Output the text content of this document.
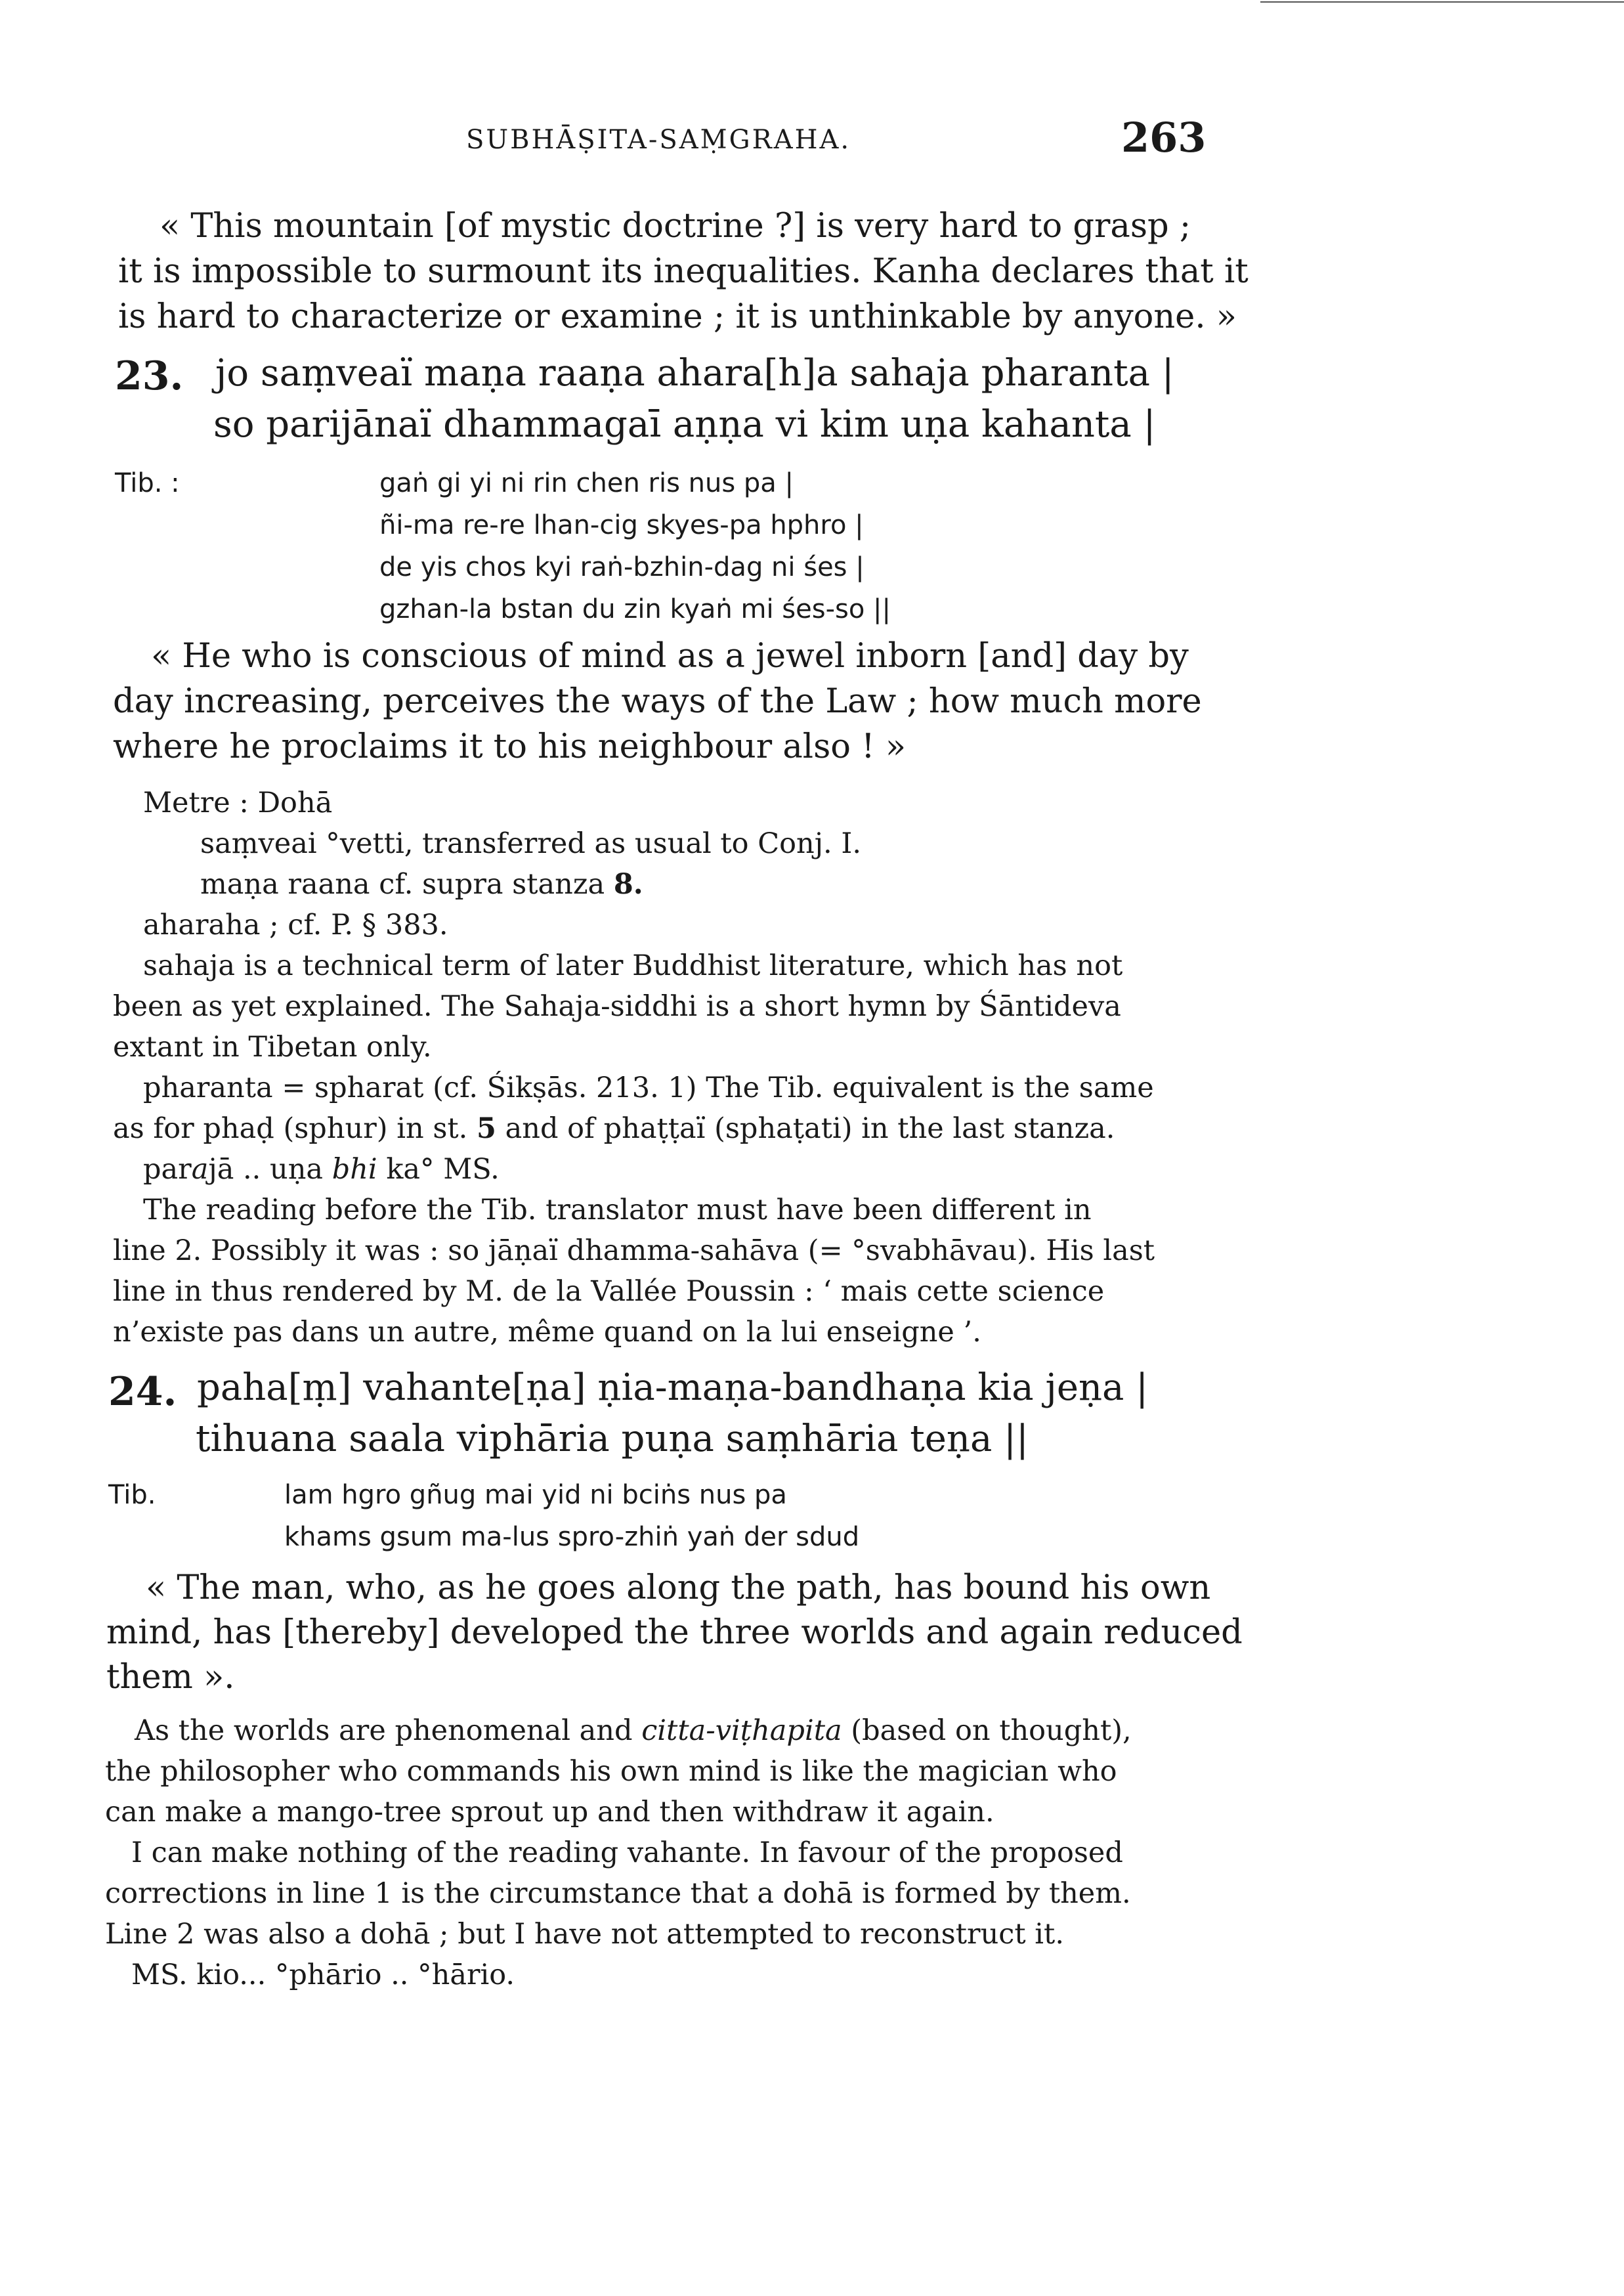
SUBHĀṢITA-SAṂGRAHA.	263
« This mountain [of mystic doctrine ?] is very hard to grasp ;
it is impossible to surmount its inequalities. Kanha declares that it
is hard to characterize or examine ; it is unthinkable by anyone. »
23. jo saṃveaï maṇa raaṇa ahara[h]a sahaja pharanta |
so parijānaï dhammagaī aṇṇa vi kim uṇa kahanta |
Tib. :	gaṅ gi yi ni rin chen ris nus pa |
ñi-ma re-re lhan-cig skyes-pa hphro |
de yis chos kyi raṅ-bzhin-dag ni śes |
gzhan-la bstan du zin kyaṅ mi śes-so ||
« He who is conscious of mind as a jewel inborn [and] day by
day increasing, perceives the ways of the Law ; how much more
where he proclaims it to his neighbour also ! »
Metre : Dohā
saṃveai °vetti, transferred as usual to Conj. I.
maṇa raana cf. supra stanza 8.
aharaha ; cf. P. § 383.
sahaja is a technical term of later Buddhist literature, which has not
been as yet explained. The Sahaja-siddhi is a short hymn by Śāntideva
extant in Tibetan only.
pharanta = spharat (cf. Śikṣās. 213. 1) The Tib. equivalent is the same
as for phaḍ (sphur) in st. 5 and of phaṭṭaï (sphaṭati) in the last stanza.
parajā .. uṇa bhi ka° MS.
The reading before the Tib. translator must have been different in
line 2. Possibly it was : so jāṇaï dhamma-sahāva (= °svabhāvau). His last
line in thus rendered by M. de la Vallée Poussin : ‘ mais cette science
n’existe pas dans un autre, même quand on la lui enseigne ’.
24. paha[ṃ] vahante[ṇa] ṇia-maṇa-bandhaṇa kia jeṇa |
tihuana saala viphāria puṇa saṃhāria teṇa ||
Tib.	lam hgro gñug mai yid ni bciṅs nus pa
khams gsum ma-lus spro-zhiṅ yaṅ der sdud
« The man, who, as he goes along the path, has bound his own
mind, has [thereby] developed the three worlds and again reduced
them ».
As the worlds are phenomenal and citta-viṭhapita (based on thought),
the philosopher who commands his own mind is like the magician who
can make a mango-tree sprout up and then withdraw it again.
I can make nothing of the reading vahante. In favour of the proposed
corrections in line 1 is the circumstance that a dohā is formed by them.
Line 2 was also a dohā ; but I have not attempted to reconstruct it.
MS. kio... °phārio .. °hārio.
